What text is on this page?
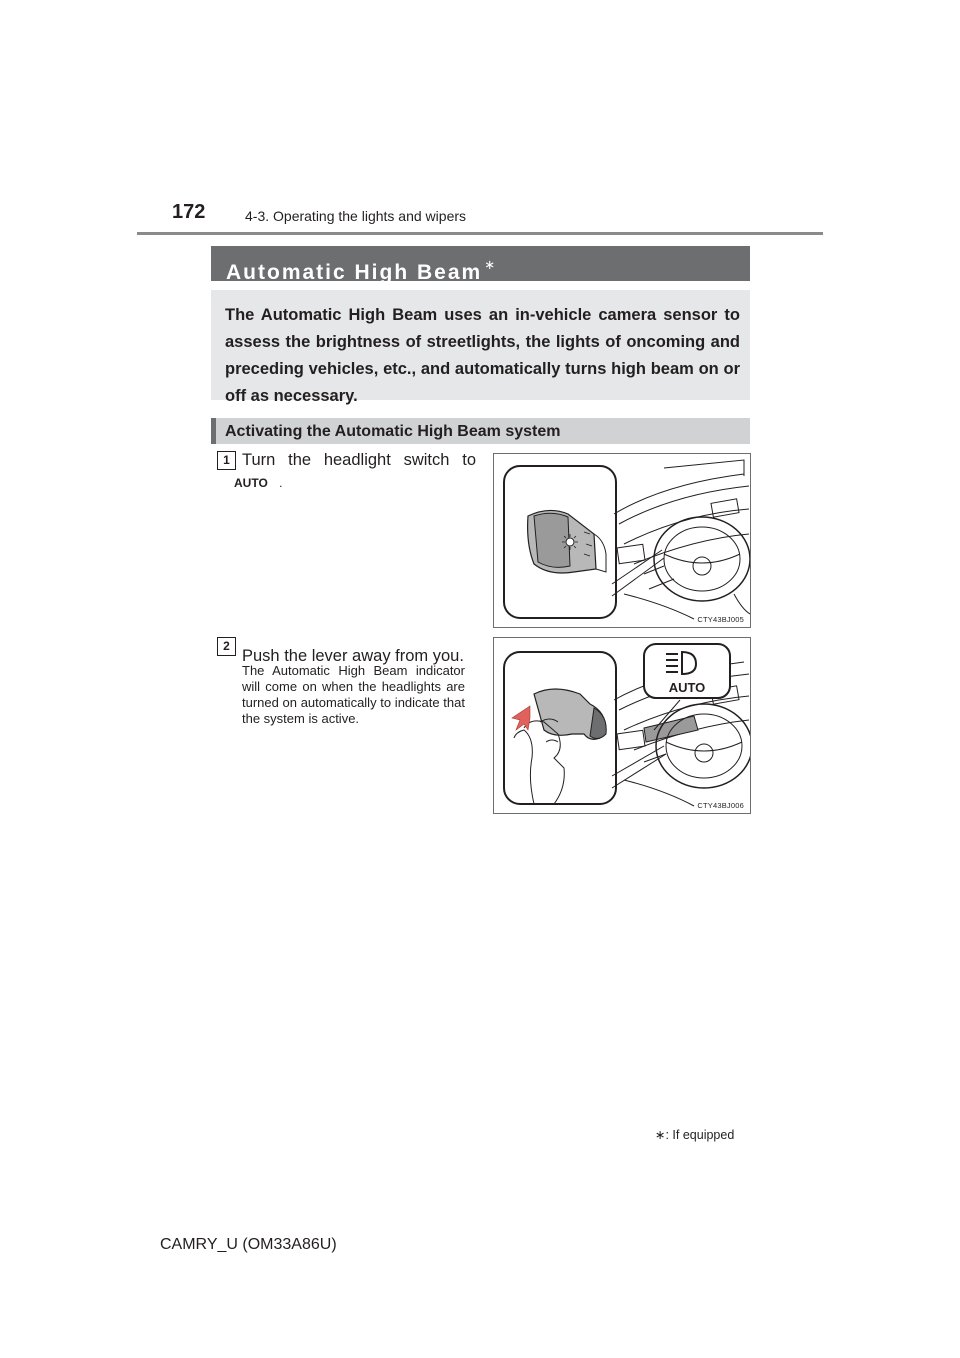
172	4-3. Operating the lights and wipers
Automatic High Beam ∗
The Automatic High Beam uses an in-vehicle camera sensor to assess the brightness of streetlights, the lights of oncoming and preceding vehicles, etc., and automatically turns high beam on or off as necessary.
Activating the Automatic High Beam system
1 Turn the headlight switch to
AUTO .
CTY43BJ005
2
Push the lever away from you.
The Automatic High Beam indicator will come on when the headlights are turned on automatically to indicate that the system is active.
AUTO
CTY43BJ006
∗: If equipped
CAMRY_U (OM33A86U)
